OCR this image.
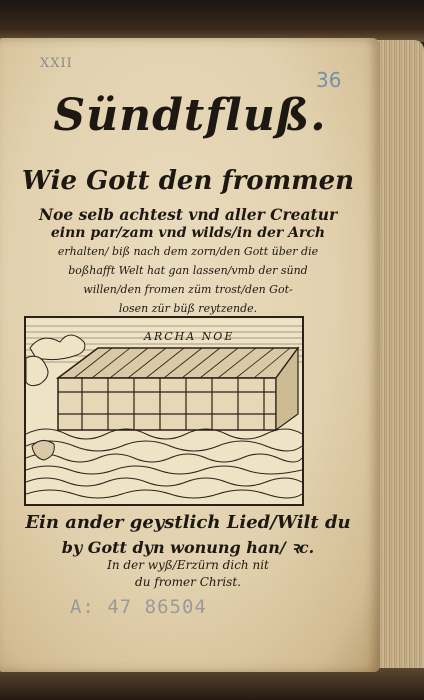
XXII
36
Sündtfluß.
Wie Gott den frommen
Noe selb achtest vnd aller Creatur
einn par/zam vnd wilds/in der Arch
erhalten/ biß nach dem zorn/den Gott über die
boßhafft Welt hat gan lassen/vmb der sünd
willen/den fromen züm trost/den Got-
losen zür büß reytzende.
ARCHA NOE
Ein ander geystlich Lied/Wilt du
by Gott dyn wonung han/ ꝛc.
In der wyß/Erzürn dich nit
du fromer Christ.
A: 47 86504
